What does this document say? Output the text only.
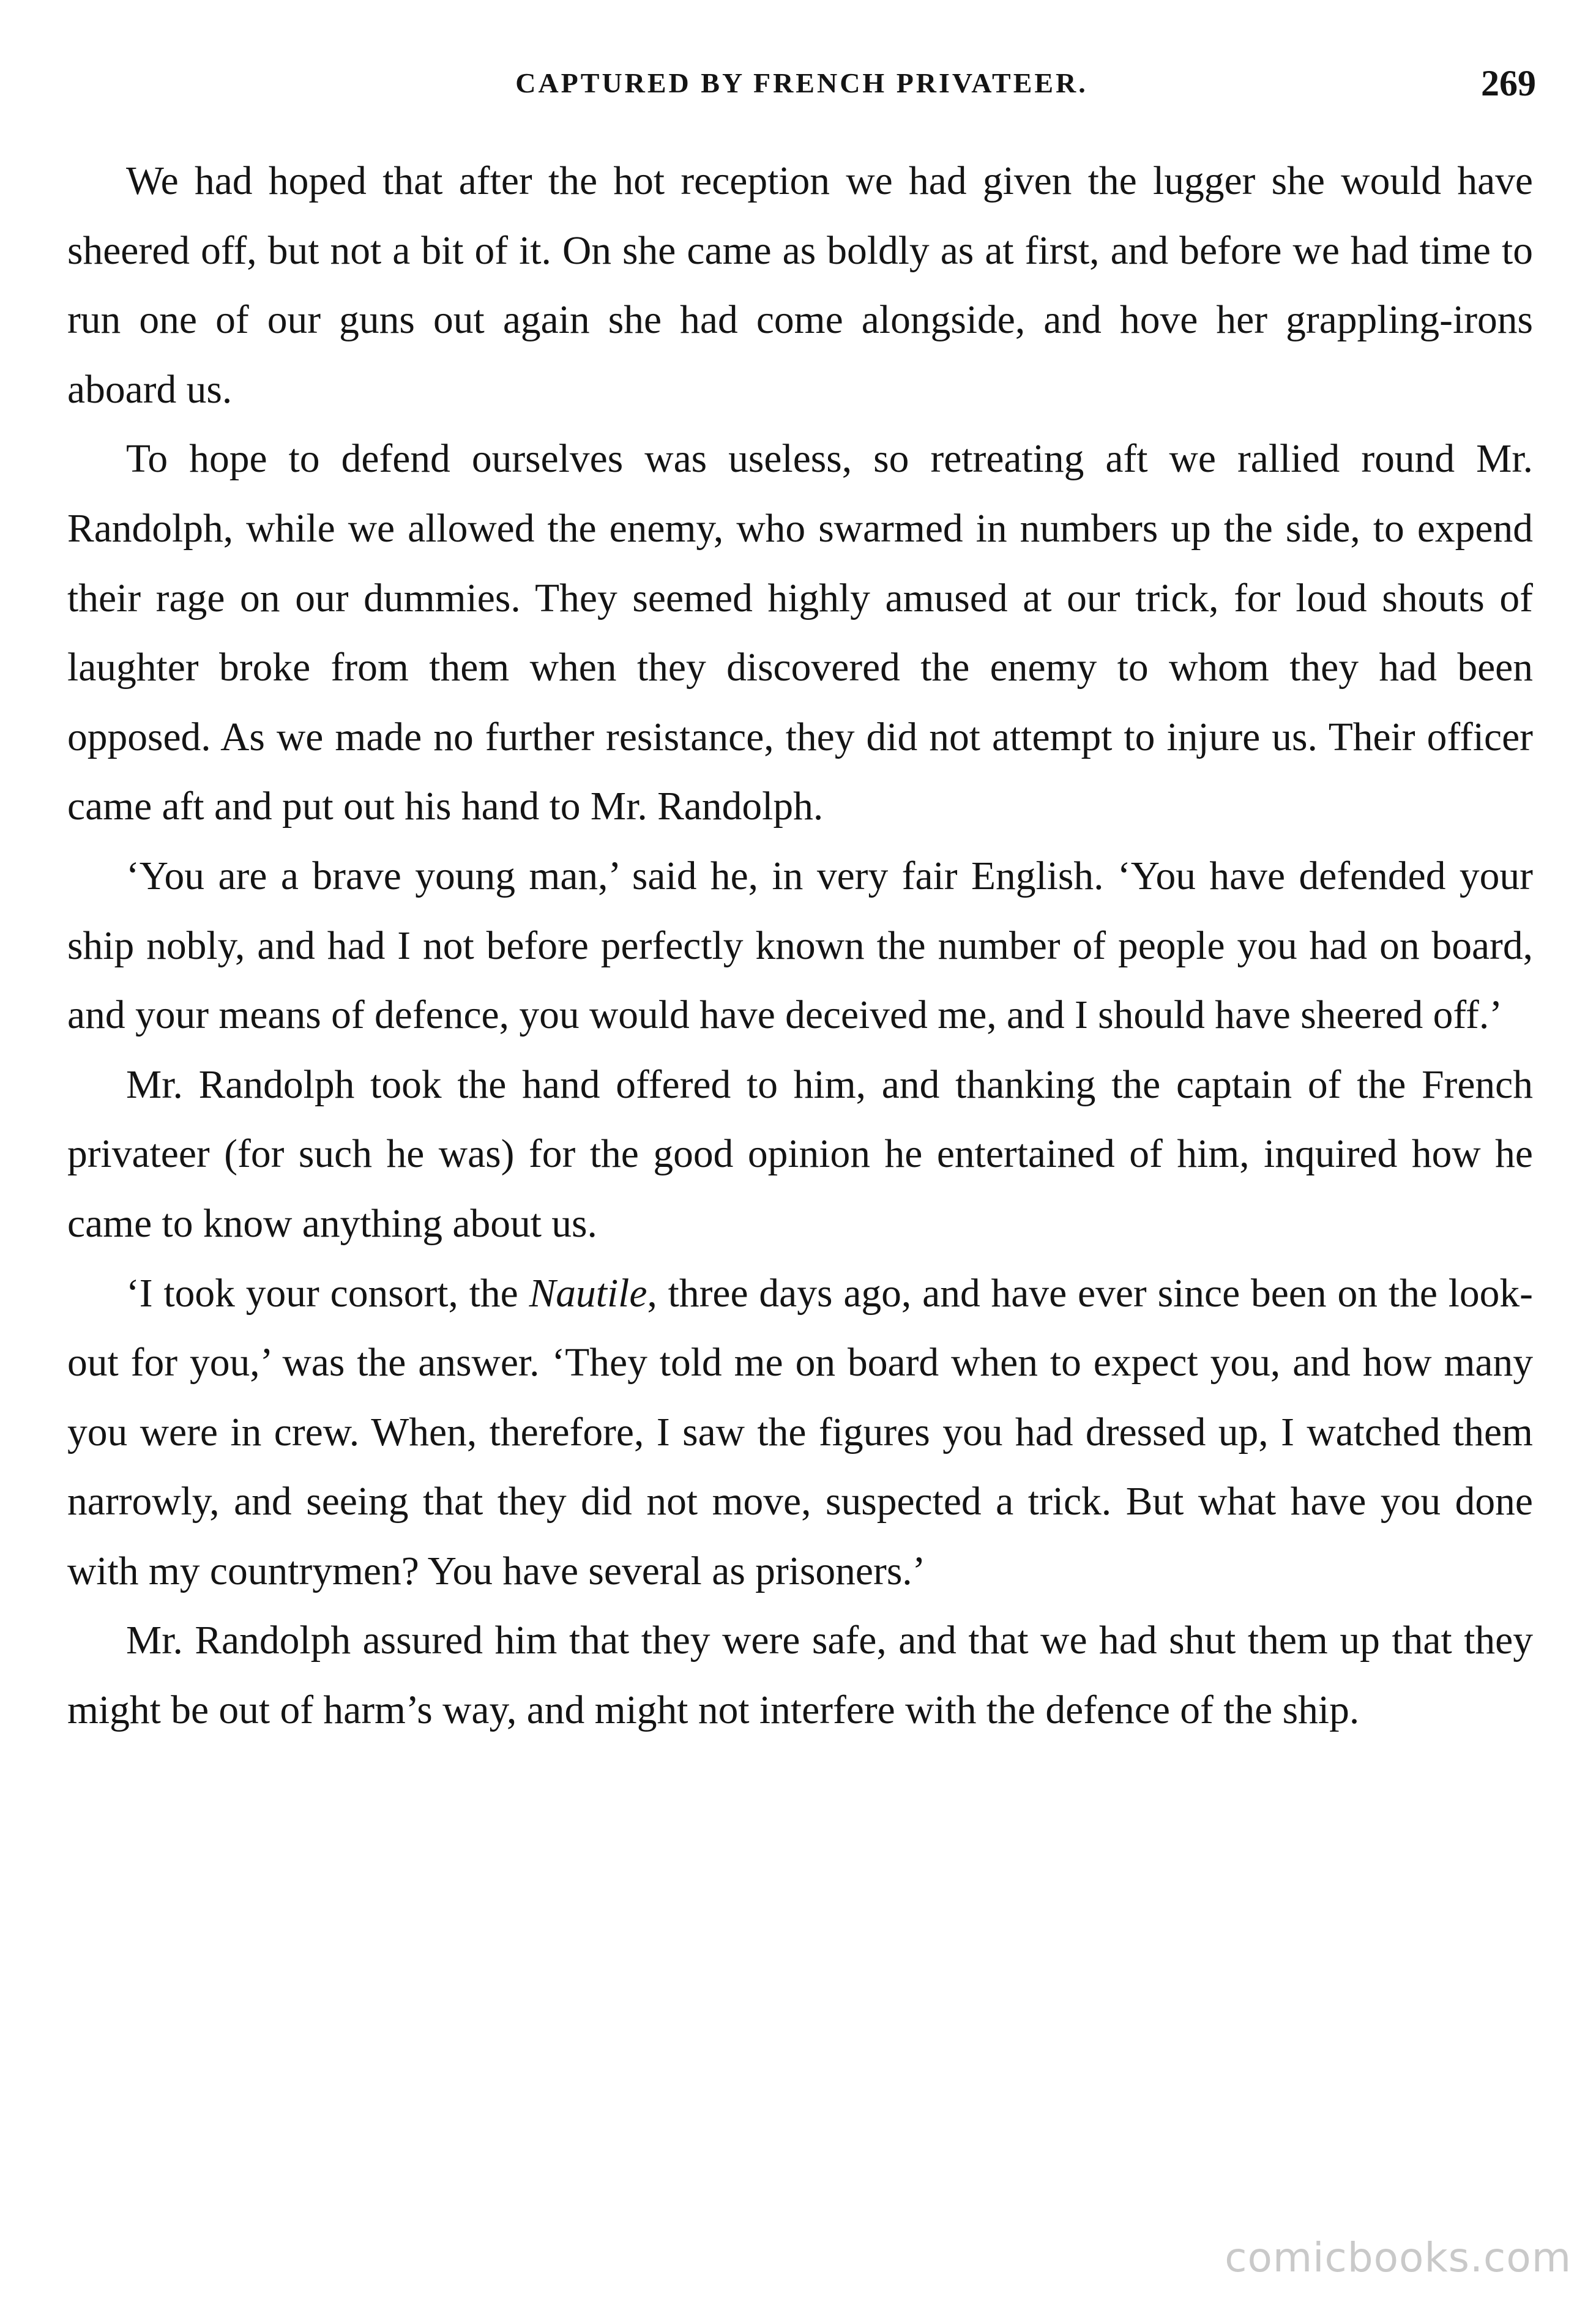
CAPTURED BY FRENCH PRIVATEER.	269

We had hoped that after the hot reception we had given the lugger she would have sheered off, but not a bit of it. On she came as boldly as at first, and before we had time to run one of our guns out again she had come alongside, and hove her grappling-irons aboard us.

To hope to defend ourselves was useless, so retreating aft we rallied round Mr. Randolph, while we allowed the enemy, who swarmed in numbers up the side, to expend their rage on our dummies. They seemed highly amused at our trick, for loud shouts of laughter broke from them when they discovered the enemy to whom they had been opposed. As we made no further resistance, they did not attempt to injure us. Their officer came aft and put out his hand to Mr. Randolph.

‘You are a brave young man,’ said he, in very fair English. ‘You have defended your ship nobly, and had I not before perfectly known the number of people you had on board, and your means of defence, you would have deceived me, and I should have sheered off.’

Mr. Randolph took the hand offered to him, and thanking the captain of the French privateer (for such he was) for the good opinion he entertained of him, inquired how he came to know anything about us.

‘I took your consort, the Nautile, three days ago, and have ever since been on the look-out for you,’ was the answer. ‘They told me on board when to expect you, and how many you were in crew. When, therefore, I saw the figures you had dressed up, I watched them narrowly, and seeing that they did not move, suspected a trick. But what have you done with my countrymen? You have several as prisoners.’

Mr. Randolph assured him that they were safe, and that we had shut them up that they might be out of harm’s way, and might not interfere with the defence of the ship.

comicbooks.com
